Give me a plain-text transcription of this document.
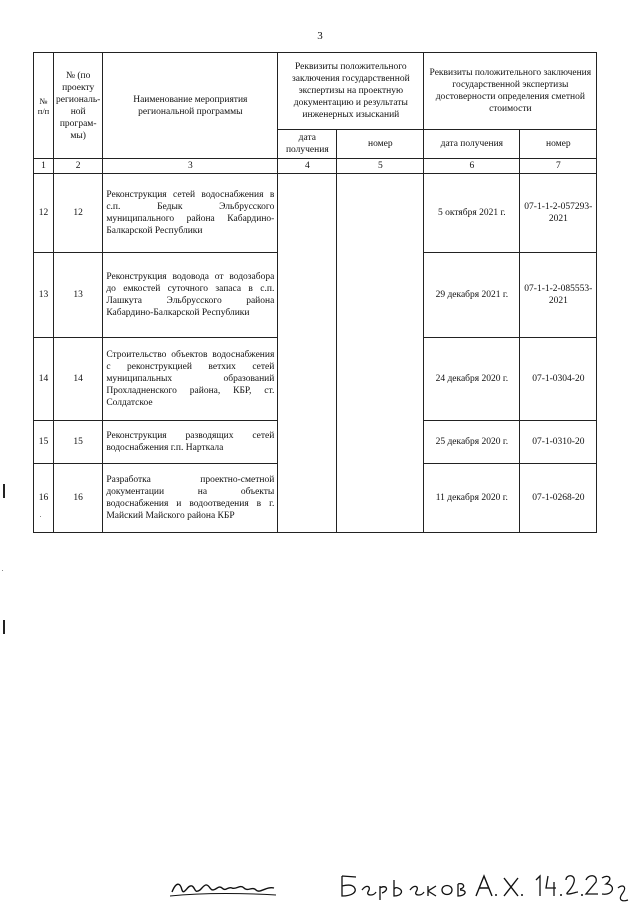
3
№ п/п	№ (по проекту региональной программы)	Наименование мероприятия региональной программы	Реквизиты положительного заключения государственной экспертизы на проектную документацию и результаты инженерных изысканий		Реквизиты положительного заключения государственной экспертизы достоверности определения сметной стоимости	
			дата получения	номер	дата получения	номер
1	2	3	4	5	6	7
12	12	Реконструкция сетей водоснабжения в с.п. Бедык Эльбрусского муниципального района Кабардино-Балкарской Республики			5 октября 2021 г.	07-1-1-2-057293-2021
13	13	Реконструкция водовода от водозабора до емкостей суточного запаса в с.п. Лашкута Эльбрусского района Кабардино-Балкарской Республики			29 декабря 2021 г.	07-1-1-2-085553-2021
14	14	Строительство объектов водоснабжения с реконструкцией ветхих сетей муниципальных образований Прохладненского района, КБР, ст. Солдатское			24 декабря 2020 г.	07-1-0304-20
15	15	Реконструкция разводящих сетей водоснабжения г.п. Нарткала			25 декабря 2020 г.	07-1-0310-20
16	16	Разработка проектно-сметной документации на объекты водоснабжения и водоотведения в г. Майский Майского района КБР			11 декабря 2020 г.	07-1-0268-20
